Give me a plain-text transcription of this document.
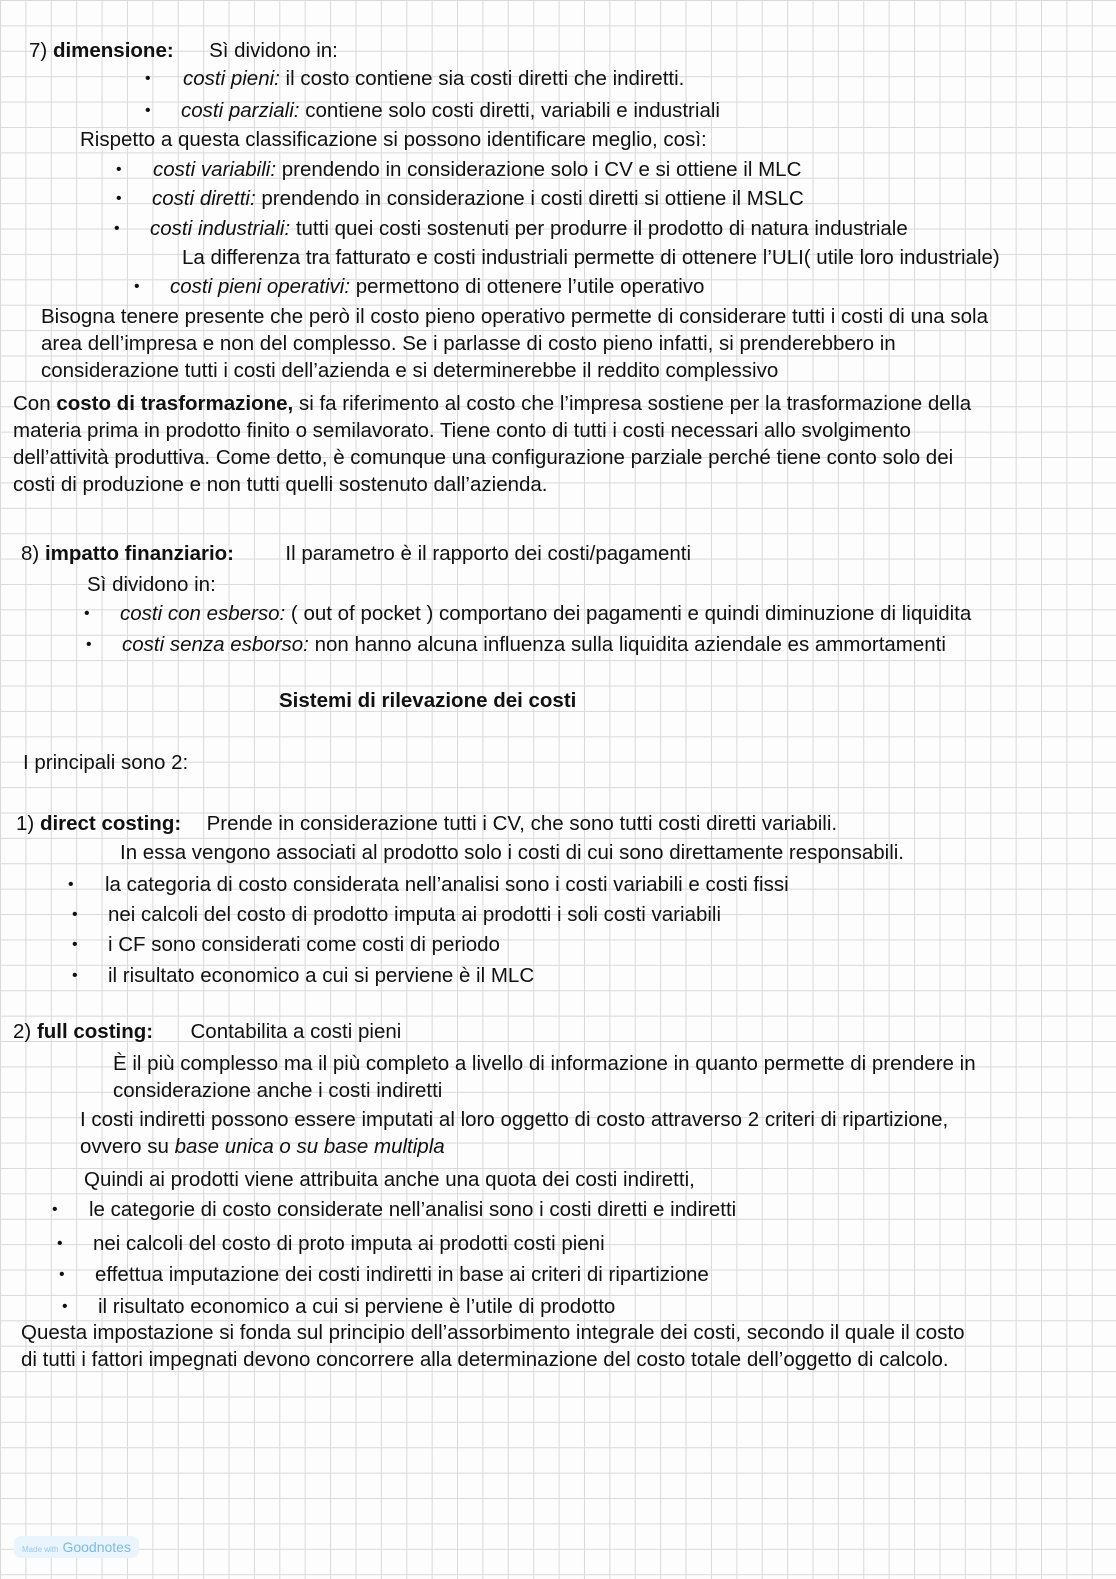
7) dimensione: Sì dividono in:
• costi pieni: il costo contiene sia costi diretti che indiretti.
• costi parziali: contiene solo costi diretti, variabili e industriali
Rispetto a questa classificazione si possono identificare meglio, così:
• costi variabili: prendendo in considerazione solo i CV e si ottiene il MLC
• costi diretti: prendendo in considerazione i costi diretti si ottiene il MSLC
• costi industriali: tutti quei costi sostenuti per produrre il prodotto di natura industriale
La differenza tra fatturato e costi industriali permette di ottenere l’ULI( utile loro industriale)
• costi pieni operativi: permettono di ottenere l’utile operativo
Bisogna tenere presente che però il costo pieno operativo permette di considerare tutti i costi di una sola
area dell’impresa e non del complesso. Se i parlasse di costo pieno infatti, si prenderebbero in
considerazione tutti i costi dell’azienda e si determinerebbe il reddito complessivo
Con costo di trasformazione, si fa riferimento al costo che l’impresa sostiene per la trasformazione della
materia prima in prodotto finito o semilavorato. Tiene conto di tutti i costi necessari allo svolgimento
dell’attività produttiva. Come detto, è comunque una configurazione parziale perché tiene conto solo dei
costi di produzione e non tutti quelli sostenuto dall’azienda.
8) impatto finanziario:	Il parametro è il rapporto dei costi/pagamenti
Sì dividono in:
• costi con esberso: ( out of pocket ) comportano dei pagamenti e quindi diminuzione di liquidita
• costi senza esborso: non hanno alcuna influenza sulla liquidita aziendale es ammortamenti
Sistemi di rilevazione dei costi
I principali sono 2:
1) direct costing: Prende in considerazione tutti i CV, che sono tutti costi diretti variabili.
In essa vengono associati al prodotto solo i costi di cui sono direttamente responsabili.
• la categoria di costo considerata nell’analisi sono i costi variabili e costi fissi
• nei calcoli del costo di prodotto imputa ai prodotti i soli costi variabili
• i CF sono considerati come costi di periodo
• il risultato economico a cui si perviene è il MLC
2) full costing: Contabilita a costi pieni
È il più complesso ma il più completo a livello di informazione in quanto permette di prendere in
considerazione anche i costi indiretti
I costi indiretti possono essere imputati al loro oggetto di costo attraverso 2 criteri di ripartizione,
ovvero su base unica o su base multipla
Quindi ai prodotti viene attribuita anche una quota dei costi indiretti,
• le categorie di costo considerate nell’analisi sono i costi diretti e indiretti
• nei calcoli del costo di proto imputa ai prodotti costi pieni
• effettua imputazione dei costi indiretti in base ai criteri di ripartizione
• il risultato economico a cui si perviene è l’utile di prodotto
Questa impostazione si fonda sul principio dell’assorbimento integrale dei costi, secondo il quale il costo
di tutti i fattori impegnati devono concorrere alla determinazione del costo totale dell’oggetto di calcolo.
Made with Goodnotes
